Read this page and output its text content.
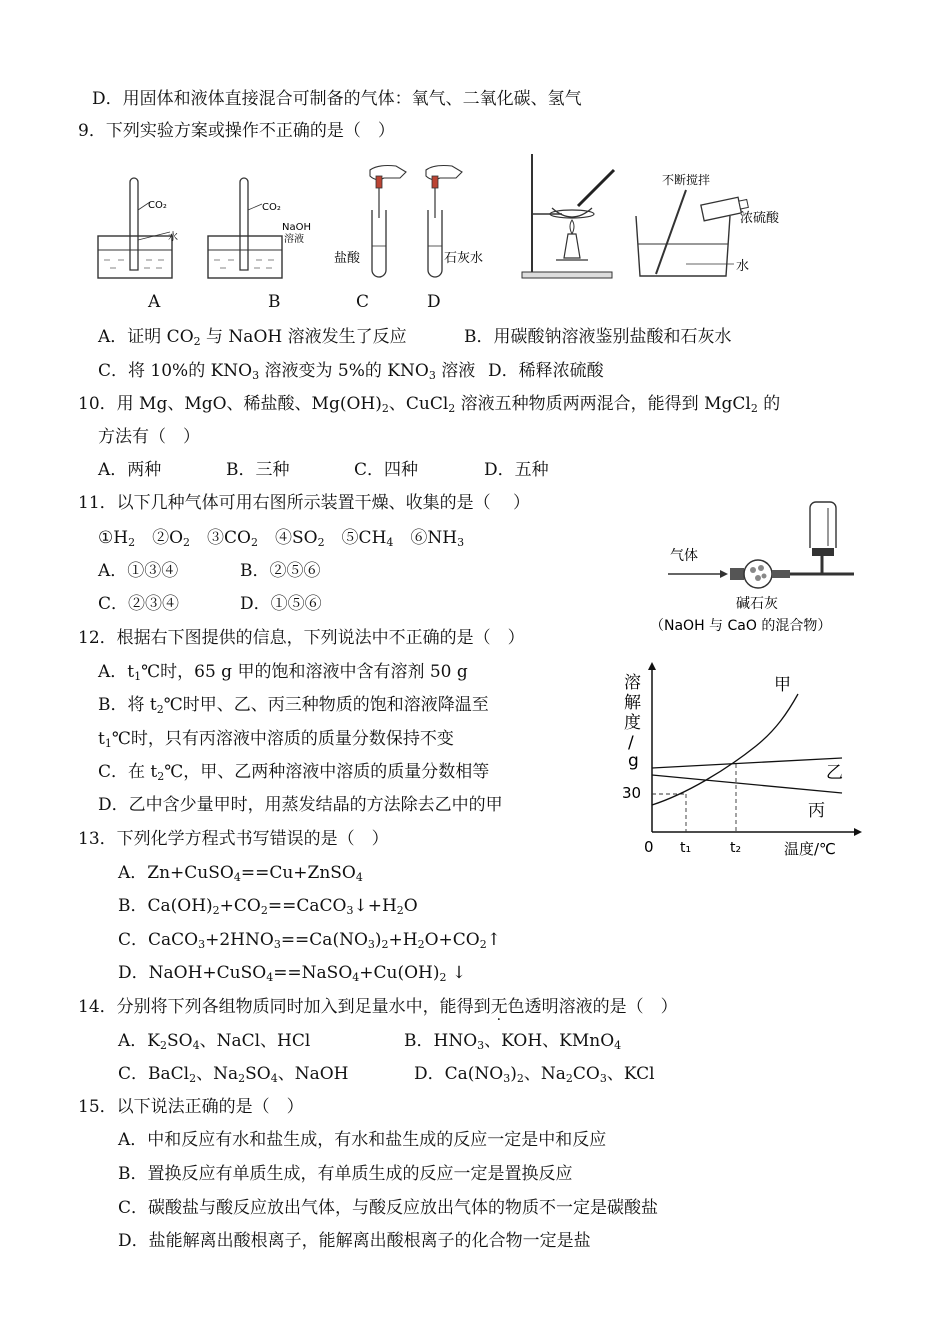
D．用固体和液体直接混合可制备的气体：氧气、二氧化碳、氢气
9．下列实验方案或操作不正确的是（　）
CO₂
水
CO₂
NaOH
溶液
盐酸	石灰水
不断搅拌
浓硫酸
水
A	B	C	D
A．证明 $CO_2$ 与 NaOH 溶液发生了反应	B．用碳酸钠溶液鉴别盐酸和石灰水
C．将 10%的 $KNO_3$ 溶液变为 5%的 $KNO_3$ 溶液 D．稀释浓硫酸
10．用 Mg、MgO、稀盐酸、$Mg(OH)_2$、CuCl$_2$ 溶液五种物质两两混合，能得到 MgCl$_2$ 的
方法有（　）
A．两种	B．三种	C．四种	D．五种
11．以下几种气体可用右图所示装置干燥、收集的是（　 ）
$①H_2$　$②O_2$　$③CO_2$　$④SO_2$　$⑤CH_4$　$⑥NH_3$
A．①③④	B．②⑤⑥
C．②③④	D．①⑤⑥
气体
碱石灰
（NaOH 与 CaO 的混合物）
12．根据右下图提供的信息，下列说法中不正确的是（　）
A．$t_1℃$时，65 g 甲的饱和溶液中含有溶剂 50 g
B．将 $t_2℃$时甲、乙、丙三种物质的饱和溶液降温至
$t_1℃$时，只有丙溶液中溶质的质量分数保持不变
C．在 $t_2℃$，甲、乙两种溶液中溶质的质量分数相等
D．乙中含少量甲时，用蒸发结晶的方法除去乙中的甲
溶
解
度
/
g
0	温度/℃
30
t₁	t₂
甲
乙
丙
13．下列化学方程式书写错误的是（　）
A．Zn+CuSO$_4$==Cu+ZnSO$_4$
B．$Ca(OH)_2+CO_2==CaCO_3↓+H_2O$
C．$CaCO_3+2HNO_3==Ca(NO_3)_2+H_2O+CO_2↑$
D．$NaOH+CuSO_4==NaSO_4+Cu(OH)_2$ ↓
14．分别将下列各组物质同时加入到足量水中，能得到无色透明溶液的是（　）
A．$K_2SO_4$、NaCl、HCl	B．$HNO_3$、KOH、KMnO$_4$
C．BaCl$_2$、$Na_2SO_4$、NaOH	D．$Ca(NO_3)_2$、$Na_2CO_3$、KCl
15．以下说法正确的是（　）
A．中和反应有水和盐生成，有水和盐生成的反应一定是中和反应
B．置换反应有单质生成，有单质生成的反应一定是置换反应
C．碳酸盐与酸反应放出气体，与酸反应放出气体的物质不一定是碳酸盐
D．盐能解离出酸根离子，能解离出酸根离子的化合物一定是盐
